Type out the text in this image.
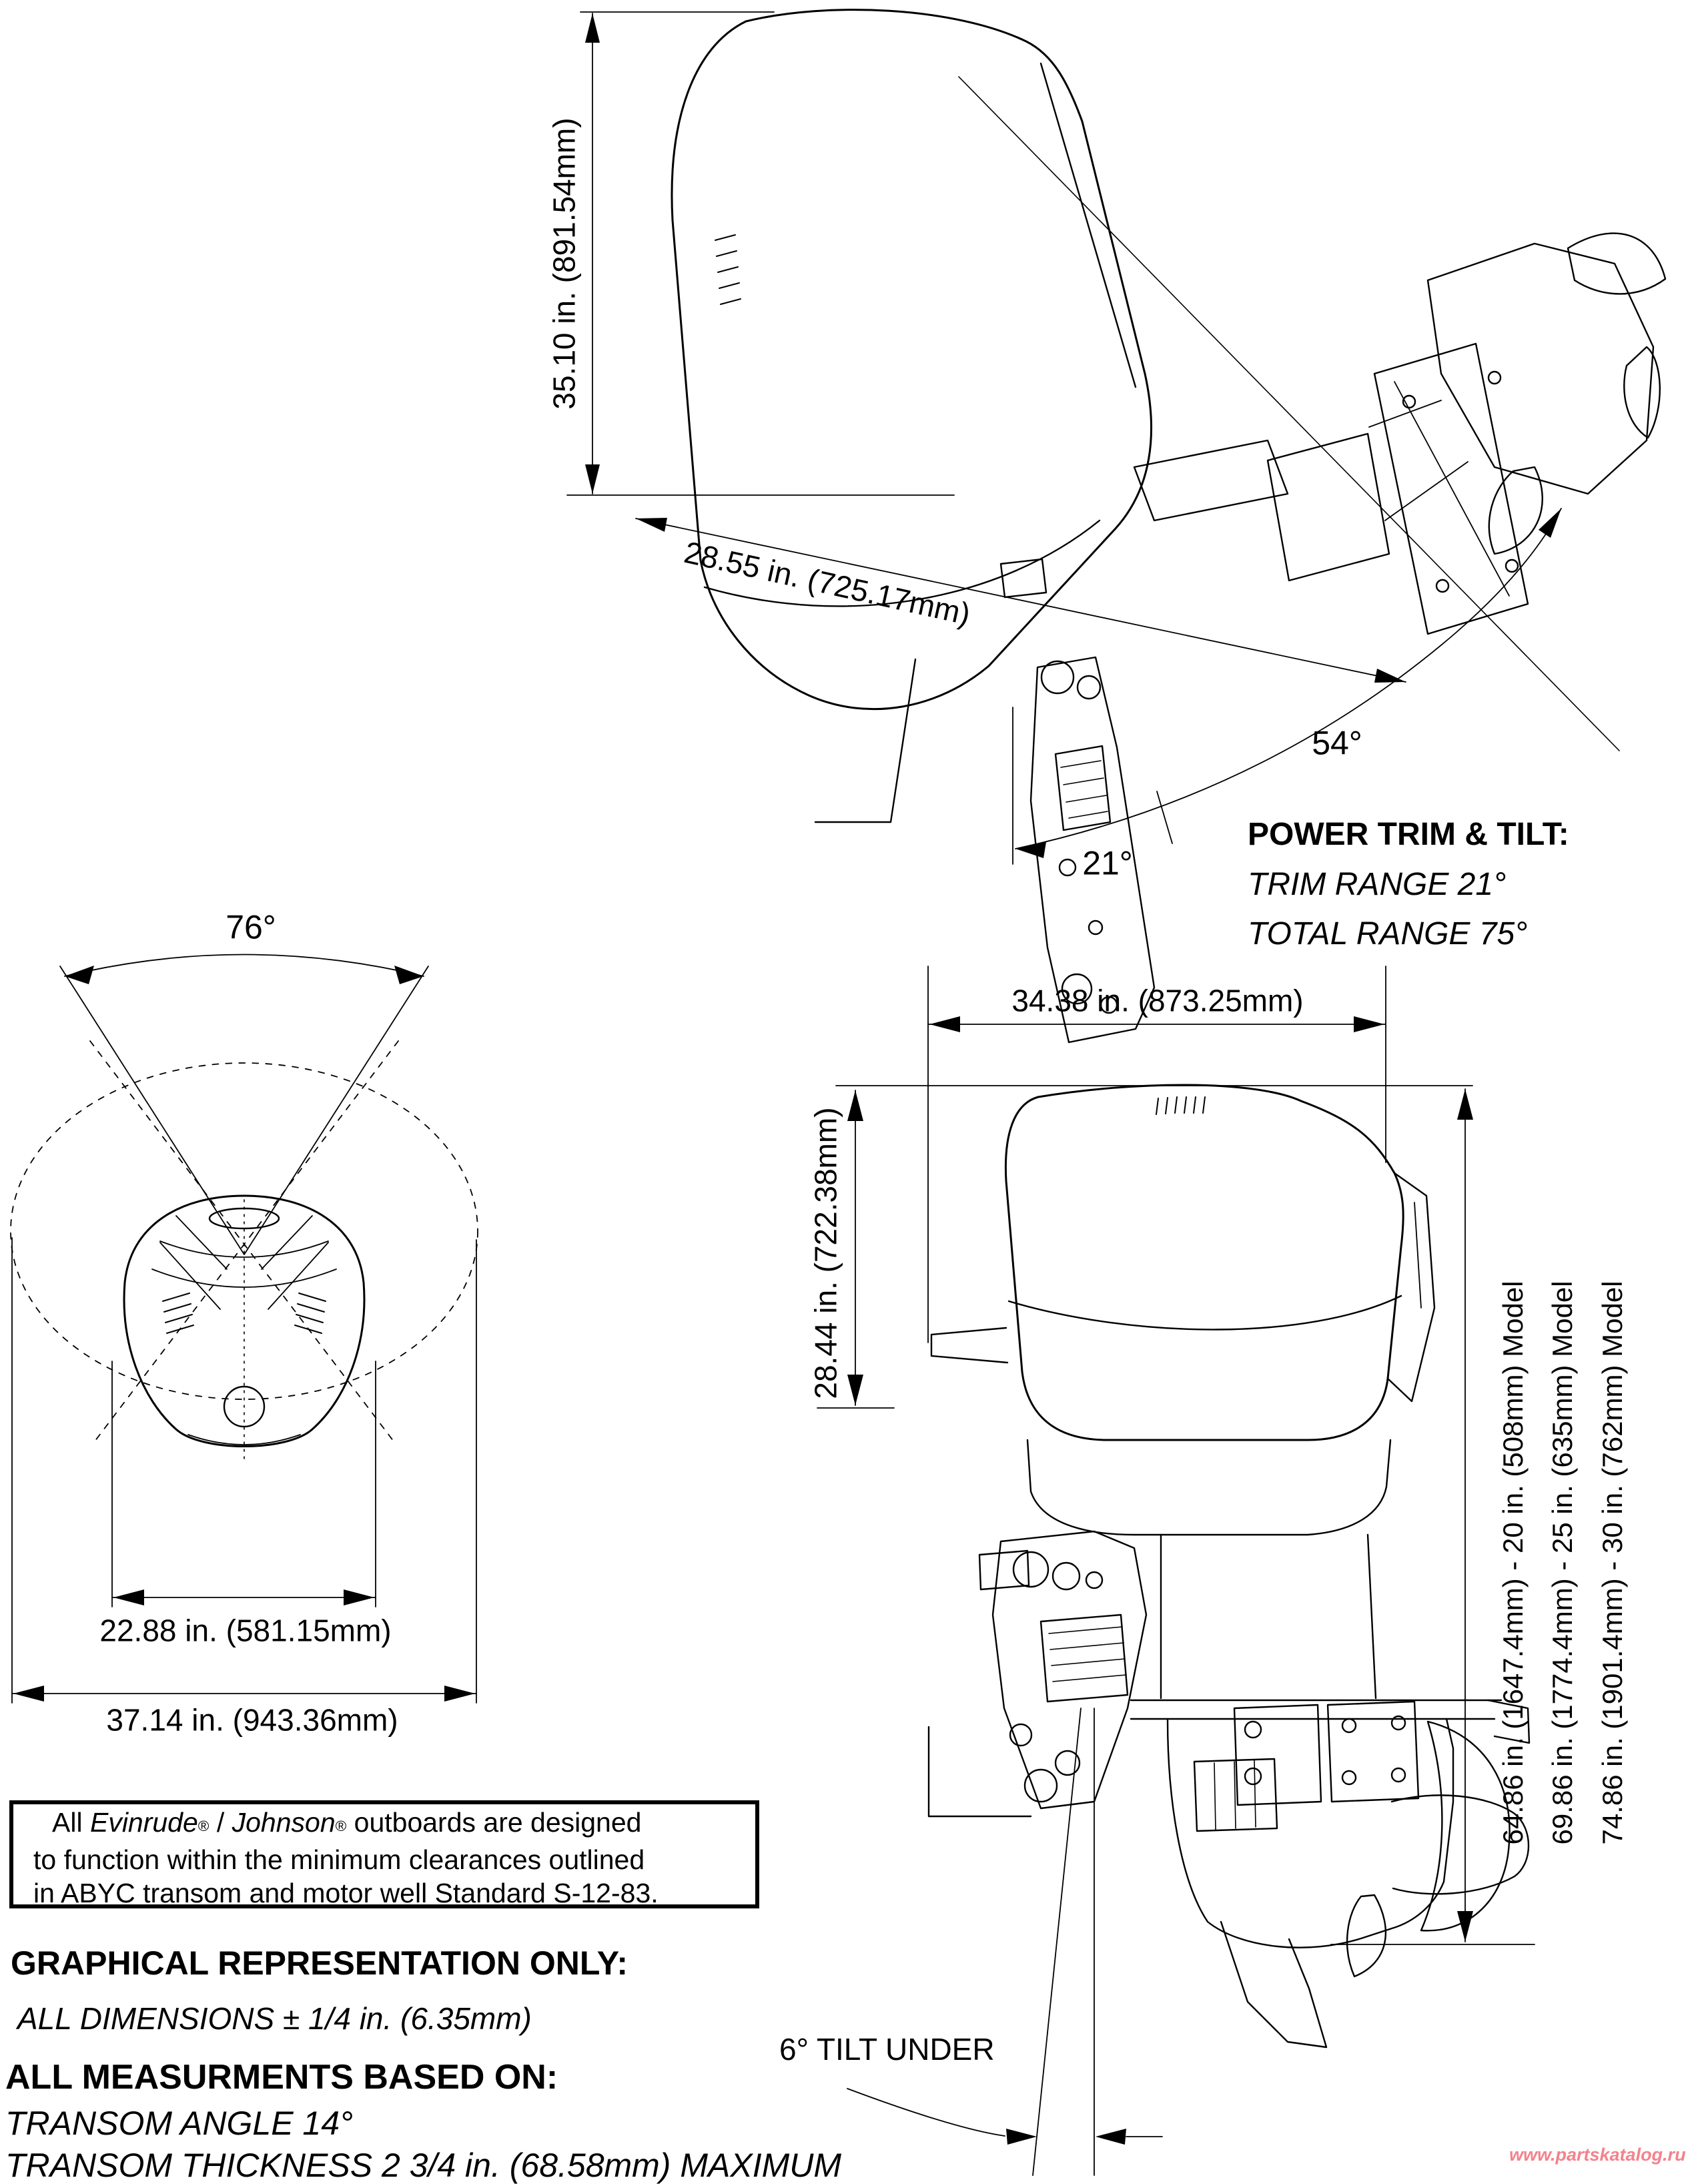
35.10 in. (891.54mm)
28.55 in. (725.17mm)
54°
21°
POWER TRIM & TILT:
TRIM RANGE 21°
TOTAL RANGE 75°
76°
22.88 in. (581.15mm)
37.14 in. (943.36mm)
34.38 in. (873.25mm)
28.44 in. (722.38mm)
64.86 in. (1647.4mm) - 20 in. (508mm) Model 69.86 in. (1774.4mm) - 25 in. (635mm) Model 74.86 in. (1901.4mm) - 30 in. (762mm) Model
6° TILT UNDER
All Evinrude® / Johnson® outboards are designed
to function within the minimum clearances outlined
in ABYC transom and motor well Standard S-12-83.
GRAPHICAL REPRESENTATION ONLY:
ALL DIMENSIONS ± 1/4 in. (6.35mm)
ALL MEASURMENTS BASED ON:
TRANSOM ANGLE 14°
TRANSOM THICKNESS 2 3/4 in. (68.58mm) MAXIMUM	www.partskatalog.ru
